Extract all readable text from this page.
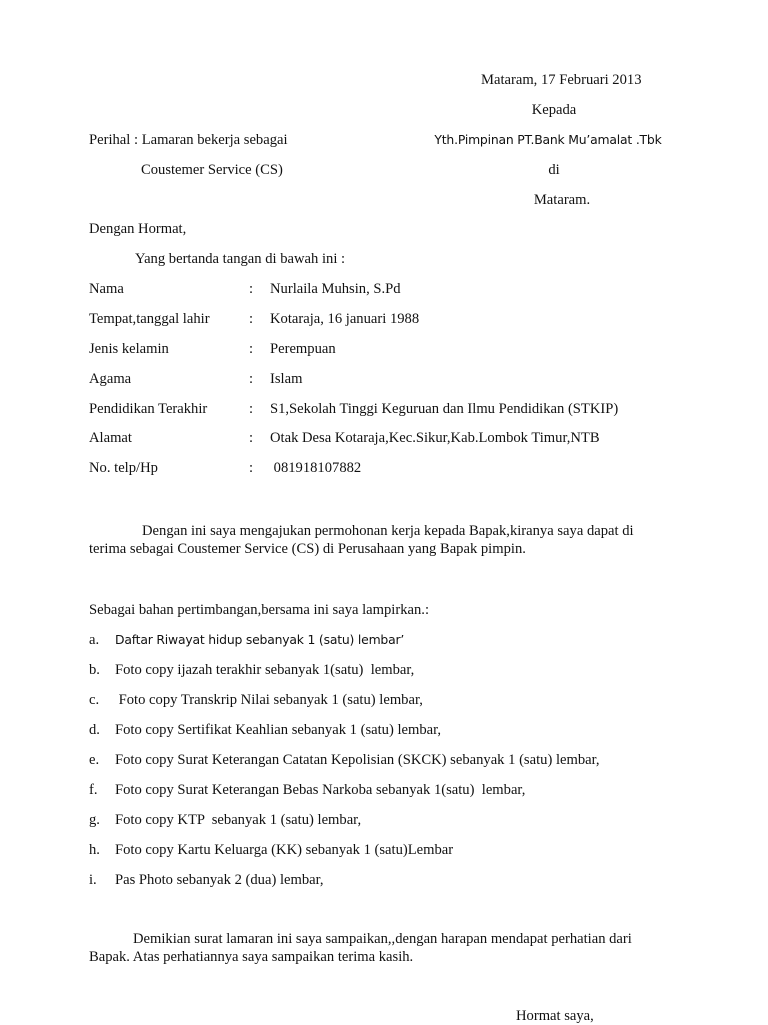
Mataram, 17 Februari 2013
Kepada
Yth.Pimpinan PT.Bank Mu’amalat .Tbk
di
Mataram.
Perihal : Lamaran bekerja sebagai
Coustemer Service (CS)
Dengan Hormat,
Yang bertanda tangan di bawah ini :
Nama	: Nurlaila Muhsin, S.Pd
Tempat,tanggal lahir	: Kotaraja, 16 januari 1988
Jenis kelamin	: Perempuan
Agama	: Islam
Pendidikan Terakhir	: S1,Sekolah Tinggi Keguruan dan Ilmu Pendidikan (STKIP)
Alamat	: Otak Desa Kotaraja,Kec.Sikur,Kab.Lombok Timur,NTB
No. telp/Hp	: 081918107882
Dengan ini saya mengajukan permohonan kerja kepada Bapak,kiranya saya dapat di terima sebagai Coustemer Service (CS) di Perusahaan yang Bapak pimpin.
Sebagai bahan pertimbangan,bersama ini saya lampirkan.:
a. Daftar Riwayat hidup sebanyak 1 (satu) lembar’
b. Foto copy ijazah terakhir sebanyak 1(satu)  lembar,
c. Foto copy Transkrip Nilai sebanyak 1 (satu) lembar,
d. Foto copy Sertifikat Keahlian sebanyak 1 (satu) lembar,
e. Foto copy Surat Keterangan Catatan Kepolisian (SKCK) sebanyak 1 (satu) lembar,
f. Foto copy Surat Keterangan Bebas Narkoba sebanyak 1(satu)  lembar,
g. Foto copy KTP  sebanyak 1 (satu) lembar,
h. Foto copy Kartu Keluarga (KK) sebanyak 1 (satu)Lembar
i. Pas Photo sebanyak 2 (dua) lembar,
Demikian surat lamaran ini saya sampaikan,,dengan harapan mendapat perhatian dari Bapak. Atas perhatiannya saya sampaikan terima kasih.
Hormat saya,
